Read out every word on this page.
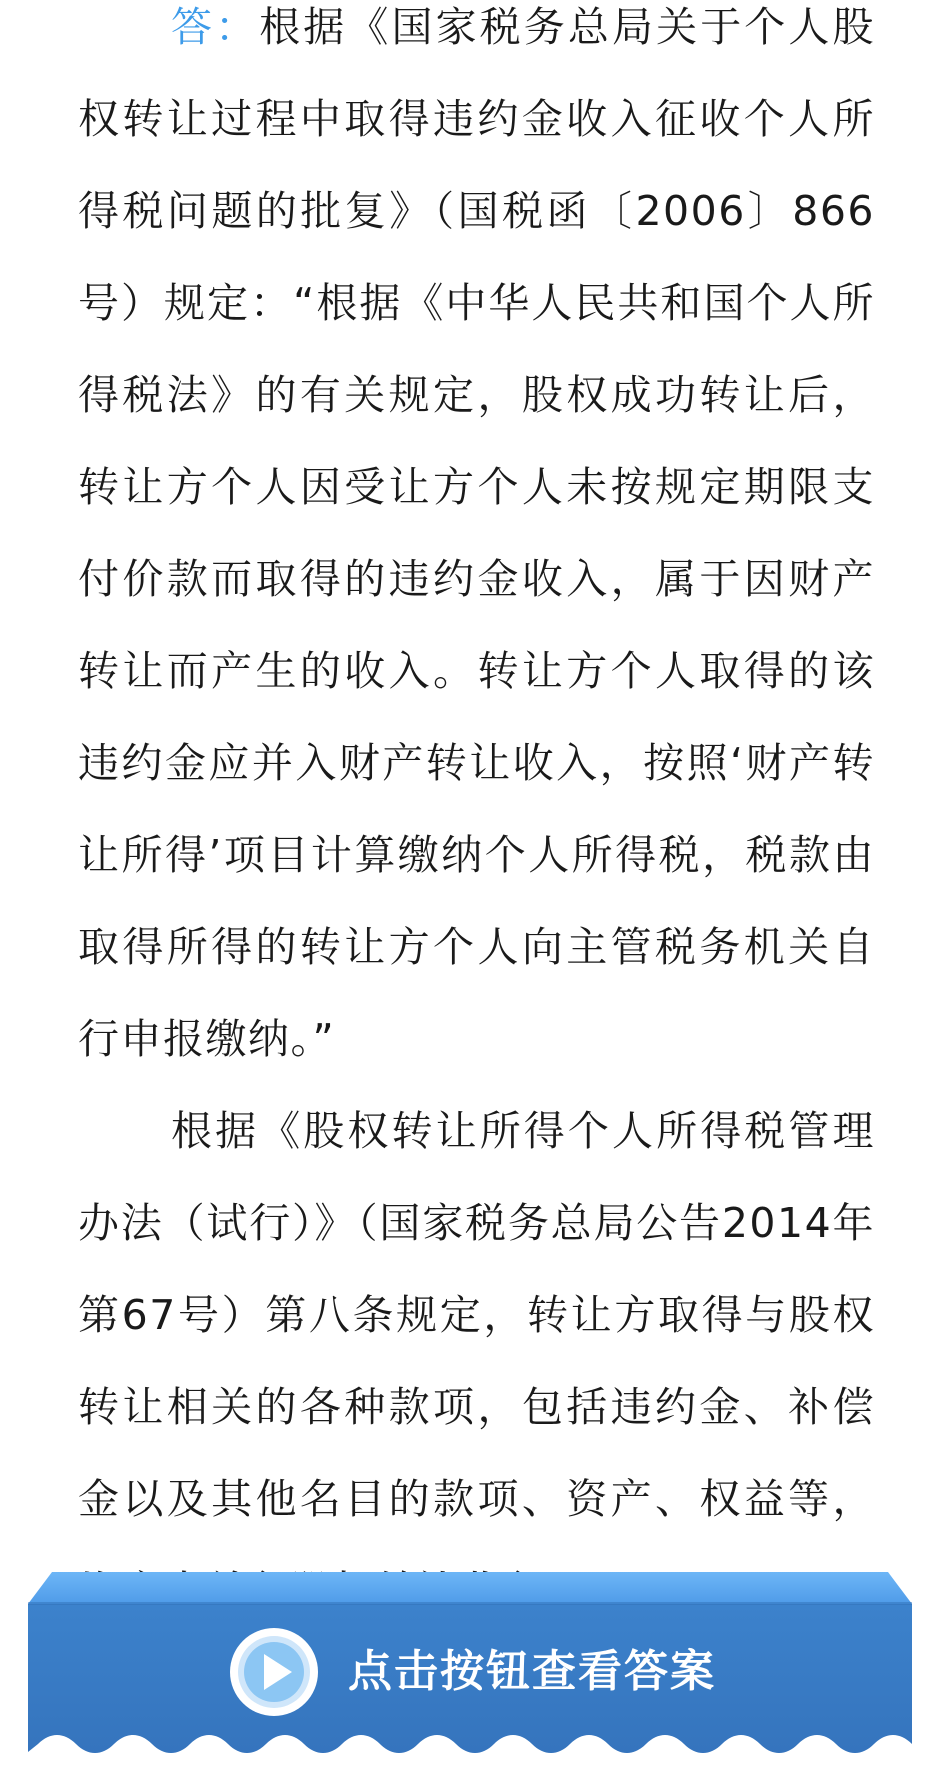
答：根据《国家税务总局关于个人股权转让过程中取得违约金收入征收个人所得税问题的批复》（国税函〔2006〕866号）规定：“根据《中华人民共和国个人所得税法》的有关规定，股权成功转让后，转让方个人因受让方个人未按规定期限支付价款而取得的违约金收入，属于因财产转让而产生的收入。转让方个人取得的该违约金应并入财产转让收入，按照‘财产转让所得’项目计算缴纳个人所得税，税款由取得所得的转让方个人向主管税务机关自行申报缴纳。”

根据《股权转让所得个人所得税管理办法（试行）》（国家税务总局公告2014年第67号）第八条规定，转让方取得与股权转让相关的各种款项，包括违约金、补偿金以及其他名目的款项、资产、权益等，

点击按钮查看答案
